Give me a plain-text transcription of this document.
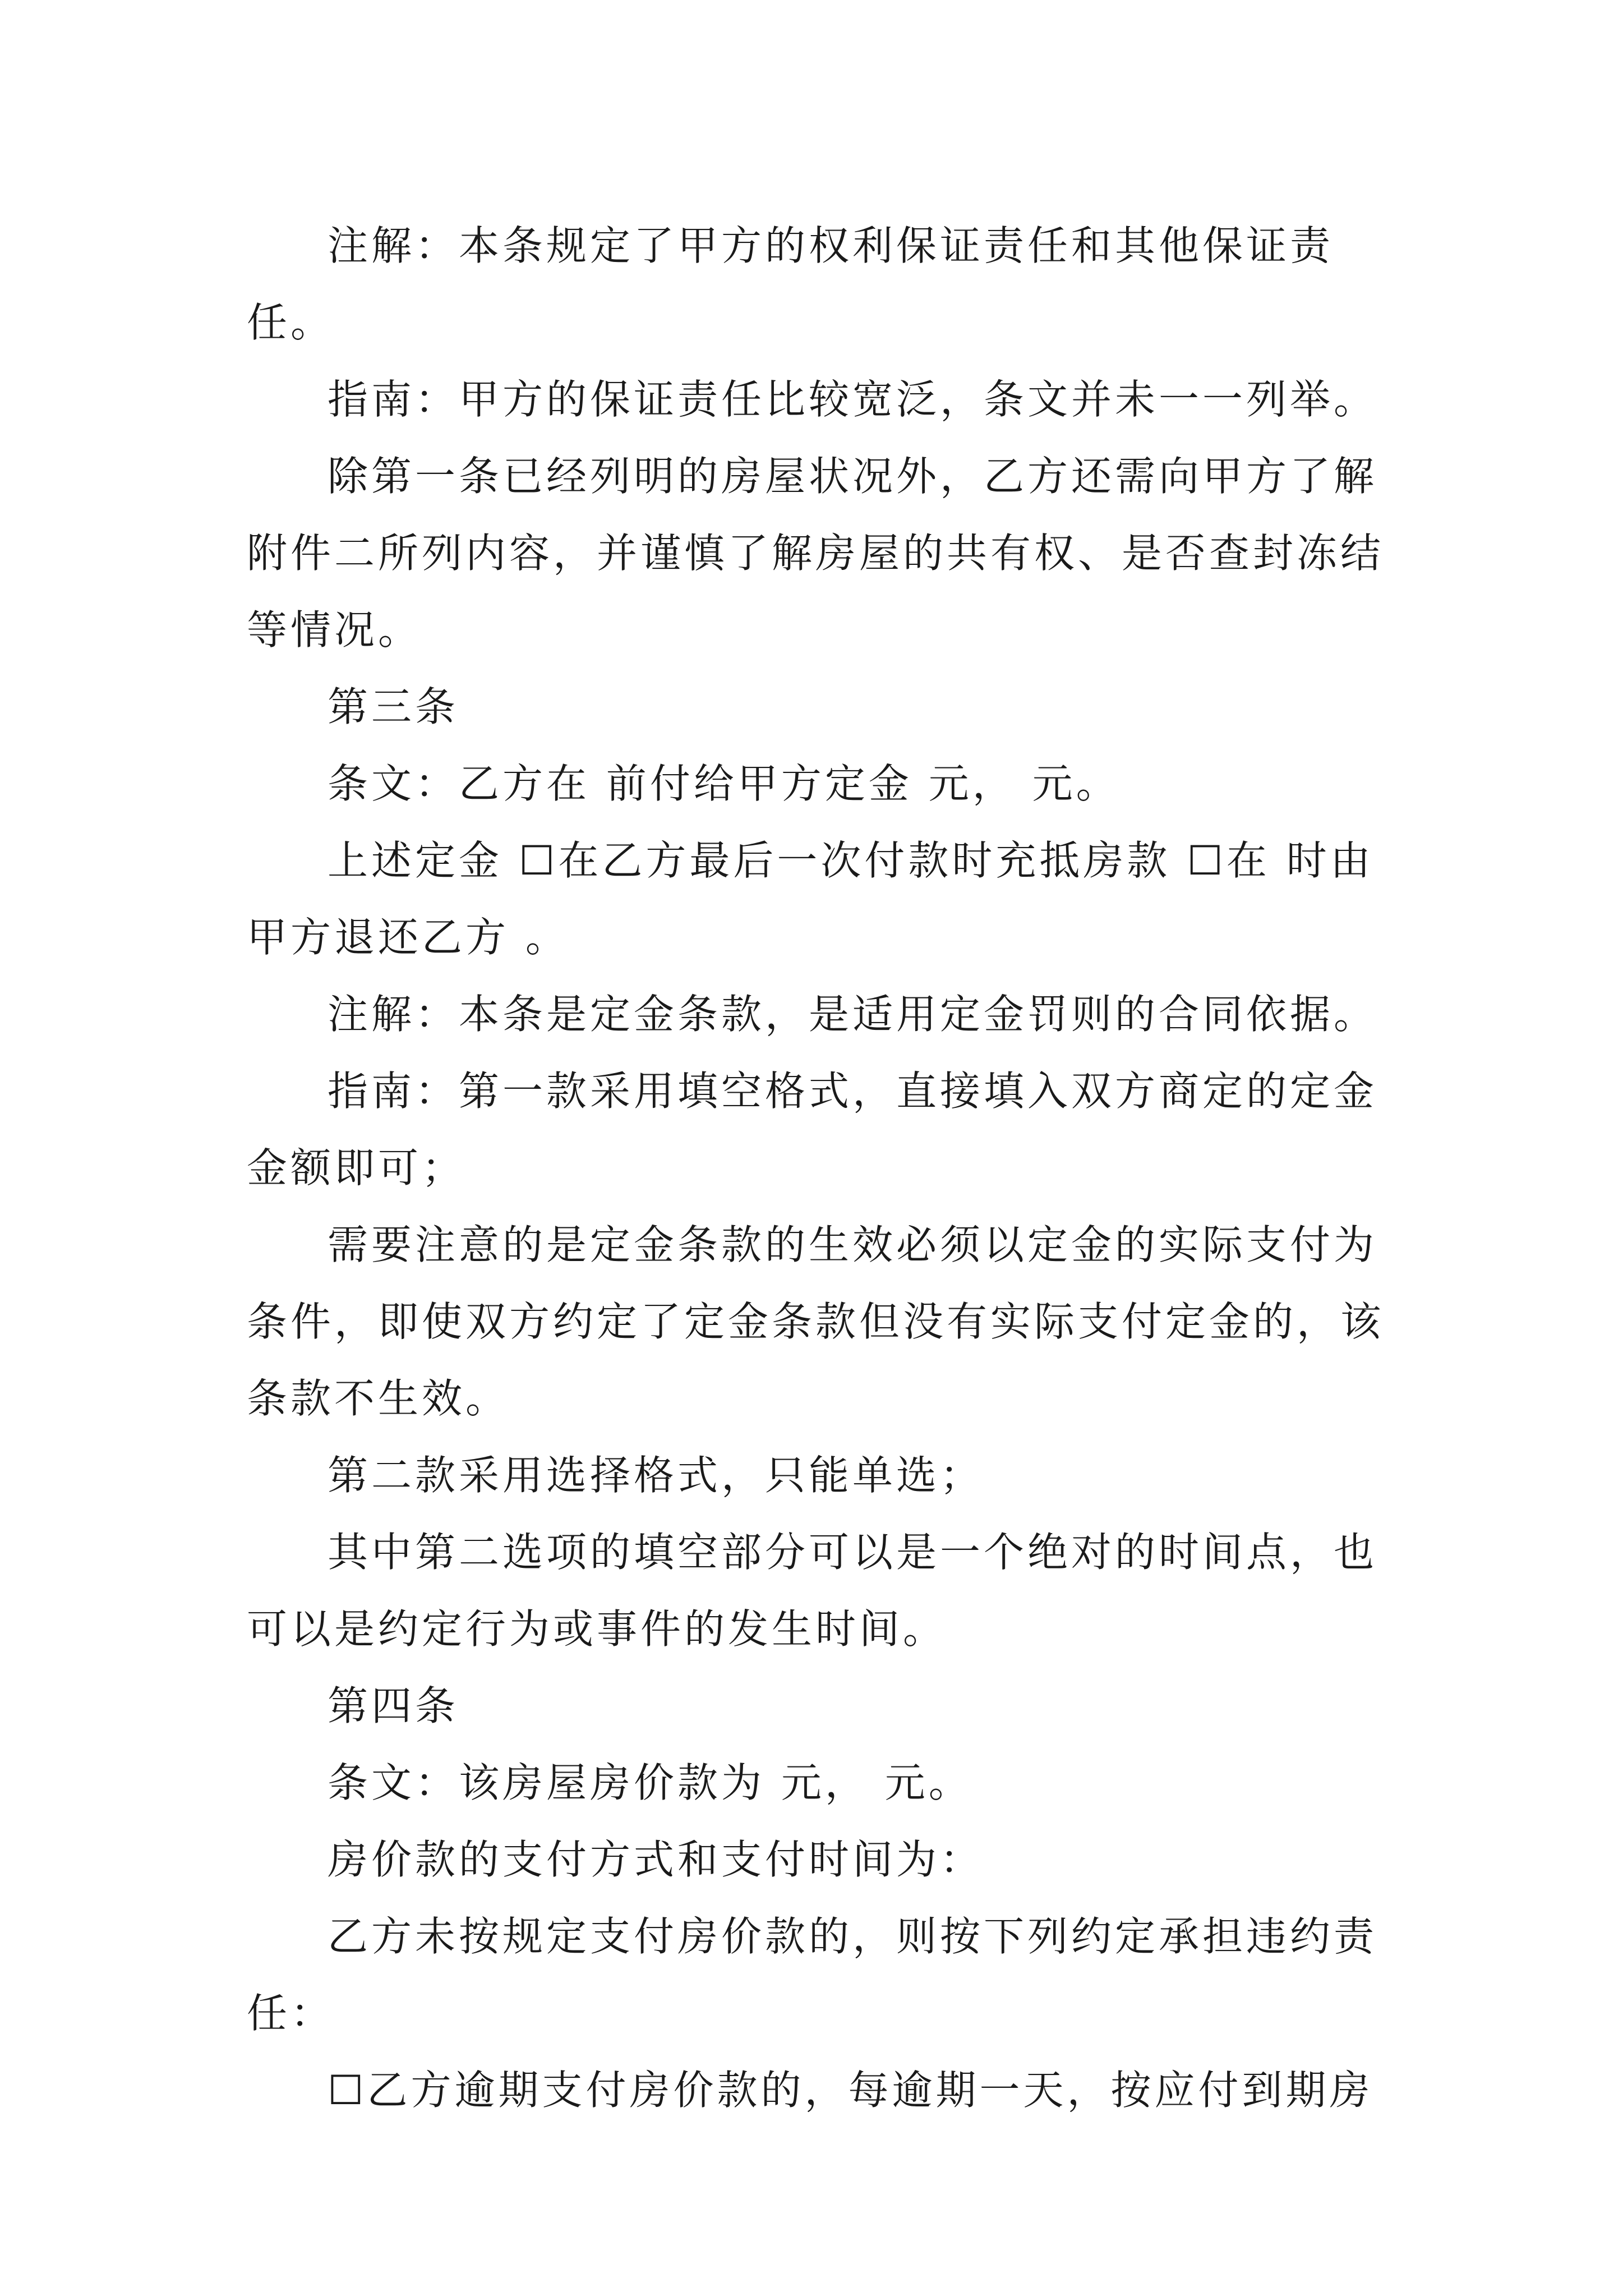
注解：本条规定了甲方的权利保证责任和其他保证责任。

指南：甲方的保证责任比较宽泛，条文并未一一列举。

除第一条已经列明的房屋状况外，乙方还需向甲方了解附件二所列内容，并谨慎了解房屋的共有权、是否查封冻结等情况。

第三条

条文：乙方在 前付给甲方定金 元， 元。

上述定金 ☐在乙方最后一次付款时充抵房款 ☐在 时由甲方退还乙方 。

注解：本条是定金条款，是适用定金罚则的合同依据。

指南：第一款采用填空格式，直接填入双方商定的定金金额即可；

需要注意的是定金条款的生效必须以定金的实际支付为条件，即使双方约定了定金条款但没有实际支付定金的，该条款不生效。

第二款采用选择格式，只能单选；

其中第二选项的填空部分可以是一个绝对的时间点，也可以是约定行为或事件的发生时间。

第四条

条文：该房屋房价款为 元， 元。

房价款的支付方式和支付时间为：

乙方未按规定支付房价款的，则按下列约定承担违约责任：

☐乙方逾期支付房价款的，每逾期一天，按应付到期房
